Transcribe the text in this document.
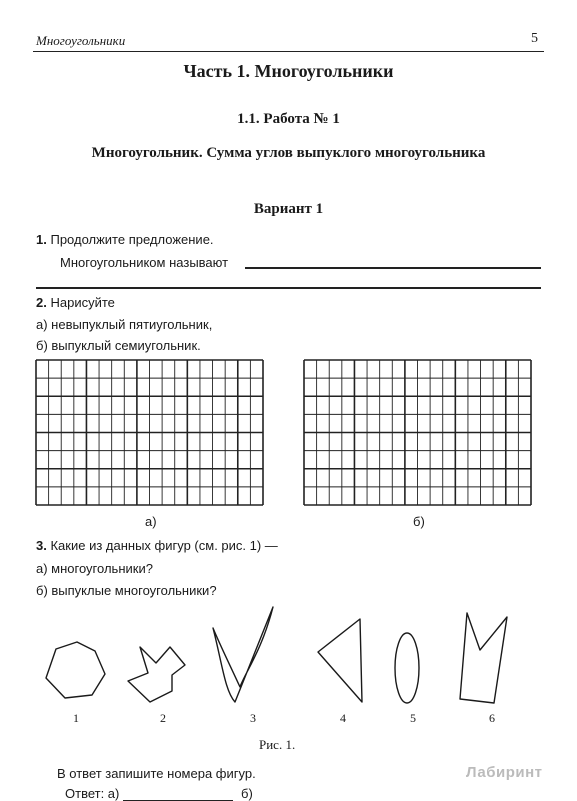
Многоугольники	5
Часть 1. Многоугольники
1.1. Работа № 1
Многоугольник. Сумма углов выпуклого многоугольника
Вариант 1
1. Продолжите предложение.
Многоугольником называют
2. Нарисуйте
а) невыпуклый пятиугольник,
б) выпуклый семиугольник.
а)	б)
3. Какие из данных фигур (см. рис. 1) —
а) многоугольники?
б) выпуклые многоугольники?
1	2	3	4	5	6
Рис. 1.
В ответ запишите номера фигур.
Ответ: а)	б)
Лабиринт
